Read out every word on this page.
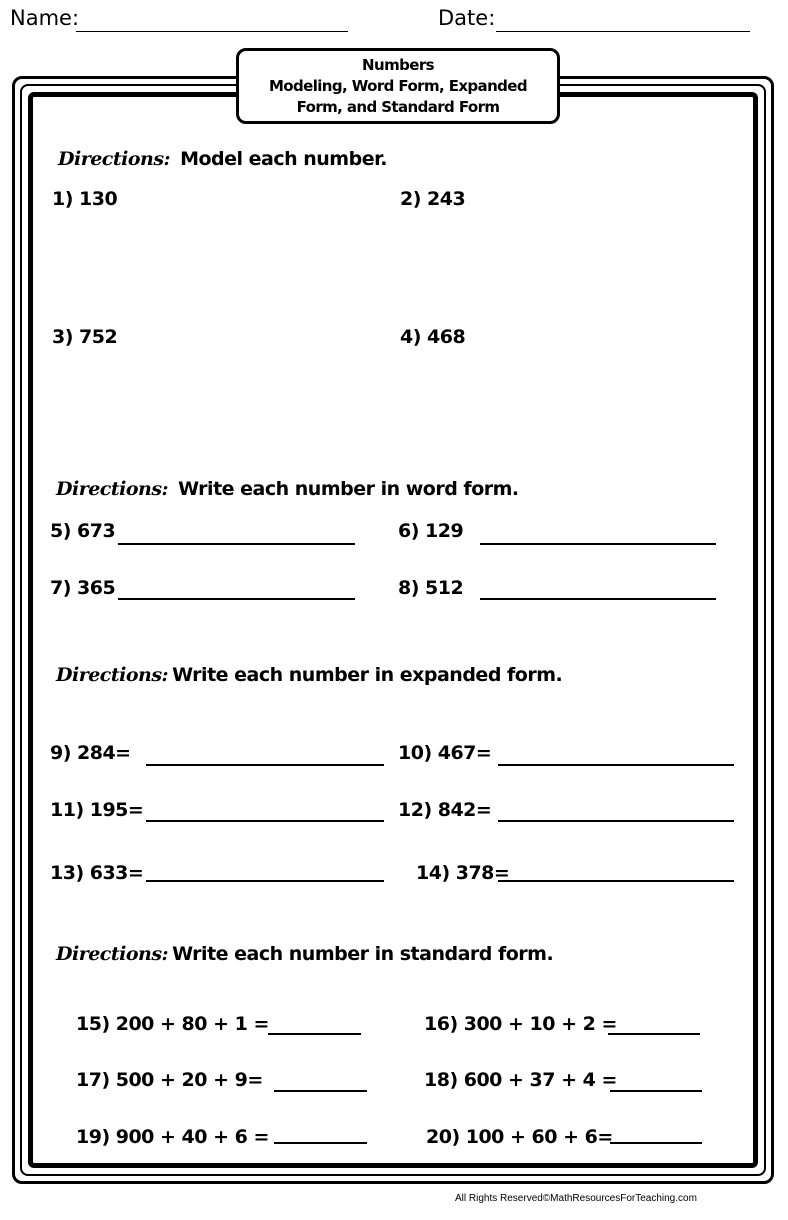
Name:	Date:
Numbers
Modeling, Word Form, Expanded
Form, and Standard Form
Directions: Model each number.
1) 130	2) 243
3) 752	4) 468
Directions: Write each number in word form.
5) 673	6) 129
7) 365	8) 512
Directions: Write each number in expanded form.
9) 284=	10) 467=
11) 195=	12) 842=
13) 633=	14) 378=
Directions: Write each number in standard form.
15) 200 + 80 + 1 =	16) 300 + 10 + 2 =
17) 500 + 20 + 9=	18) 600 + 37 + 4 =
19) 900 + 40 + 6 =	20) 100 + 60 + 6=
All Rights Reserved©MathResourcesForTeaching.com
